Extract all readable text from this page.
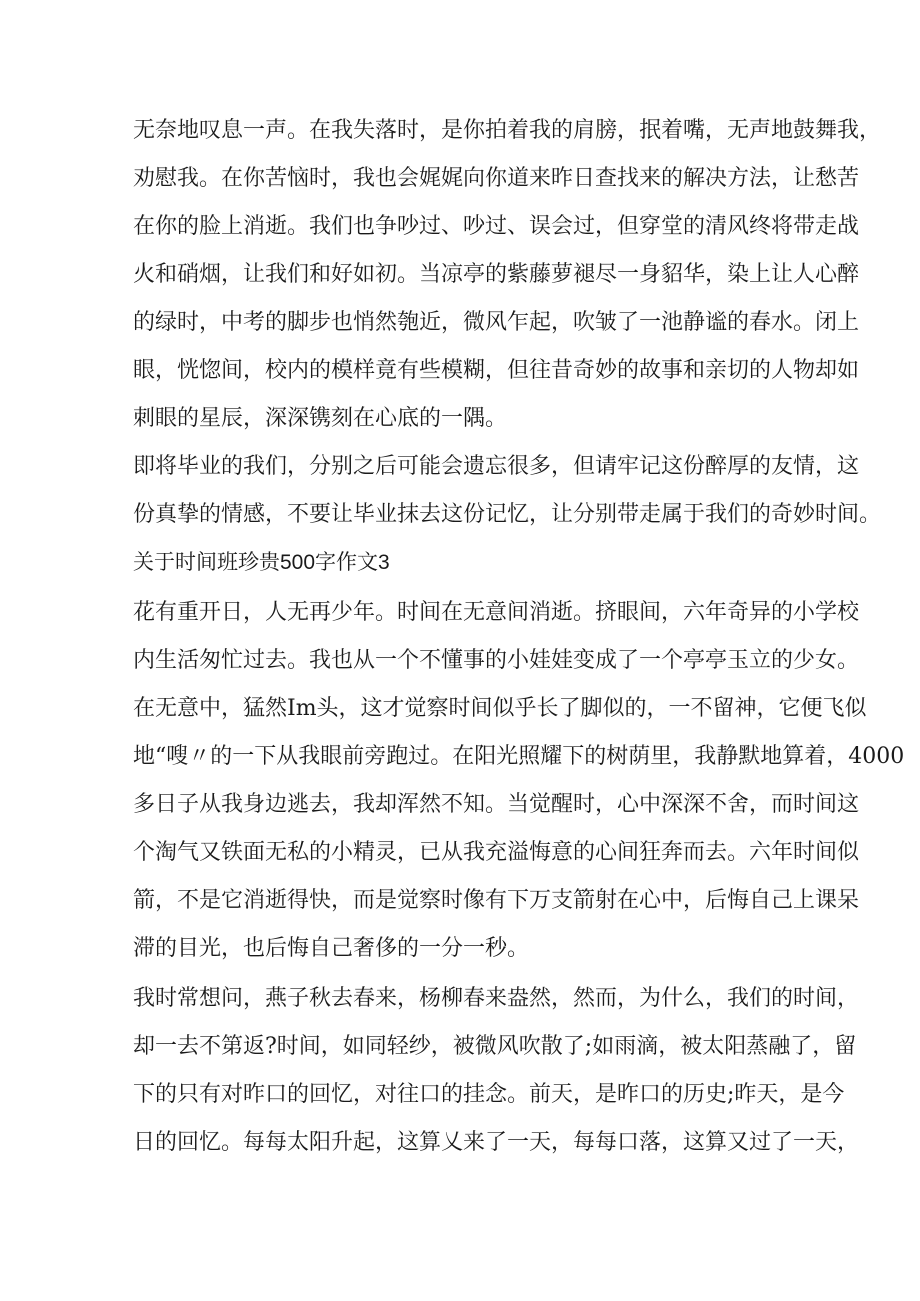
无奈地叹息一声。在我失落时，是你拍着我的肩膀，抿着嘴，无声地鼓舞我，
劝慰我。在你苦恼时，我也会娓娓向你道来昨日查找来的解决方法，让愁苦
在你的脸上消逝。我们也争吵过、吵过、误会过，但穿堂的清风终将带走战
火和硝烟，让我们和好如初。当凉亭的紫藤萝褪尽一身貂华，染上让人心醉
的绿时，中考的脚步也悄然匏近，微风乍起，吹皱了一池静谧的春水。闭上
眼，恍惚间，校内的模样竟有些模糊，但往昔奇妙的故事和亲切的人物却如
刺眼的星辰，深深镌刻在心底的一隅。
即将毕业的我们，分别之后可能会遗忘很多，但请牢记这份醉厚的友情，这
份真挚的情感，不要让毕业抹去这份记忆，让分别带走属于我们的奇妙时间。
关于时间班珍贵500字作文3
花有重开日，人无再少年。时间在无意间消逝。挤眼间，六年奇异的小学校
内生活匆忙过去。我也从一个不懂事的小娃娃变成了一个亭亭玉立的少女。
在无意中，猛然Im头，这才觉察时间似乎长了脚似的，一不留神，它便飞似
地“嗖〃的一下从我眼前旁跑过。在阳光照耀下的树荫里，我静默地算着，4000
多日子从我身边逃去，我却浑然不知。当觉醒时，心中深深不舍，而时间这
个淘气又铁面无私的小精灵，已从我充溢悔意的心间狂奔而去。六年时间似
箭，不是它消逝得快，而是觉察时像有下万支箭射在心中，后悔自己上课呆
滞的目光，也后悔自己奢侈的一分一秒。
我时常想问，燕子秋去春来，杨柳春来盎然，然而，为什么，我们的时间，
却一去不第返?时间，如同轻纱，被微风吹散了;如雨滴，被太阳蒸融了，留
下的只有对昨口的回忆，对往口的挂念。前天，是昨口的历史;昨天，是今
日的回忆。每每太阳升起，这算乂来了一天，每每口落，这算又过了一天，
